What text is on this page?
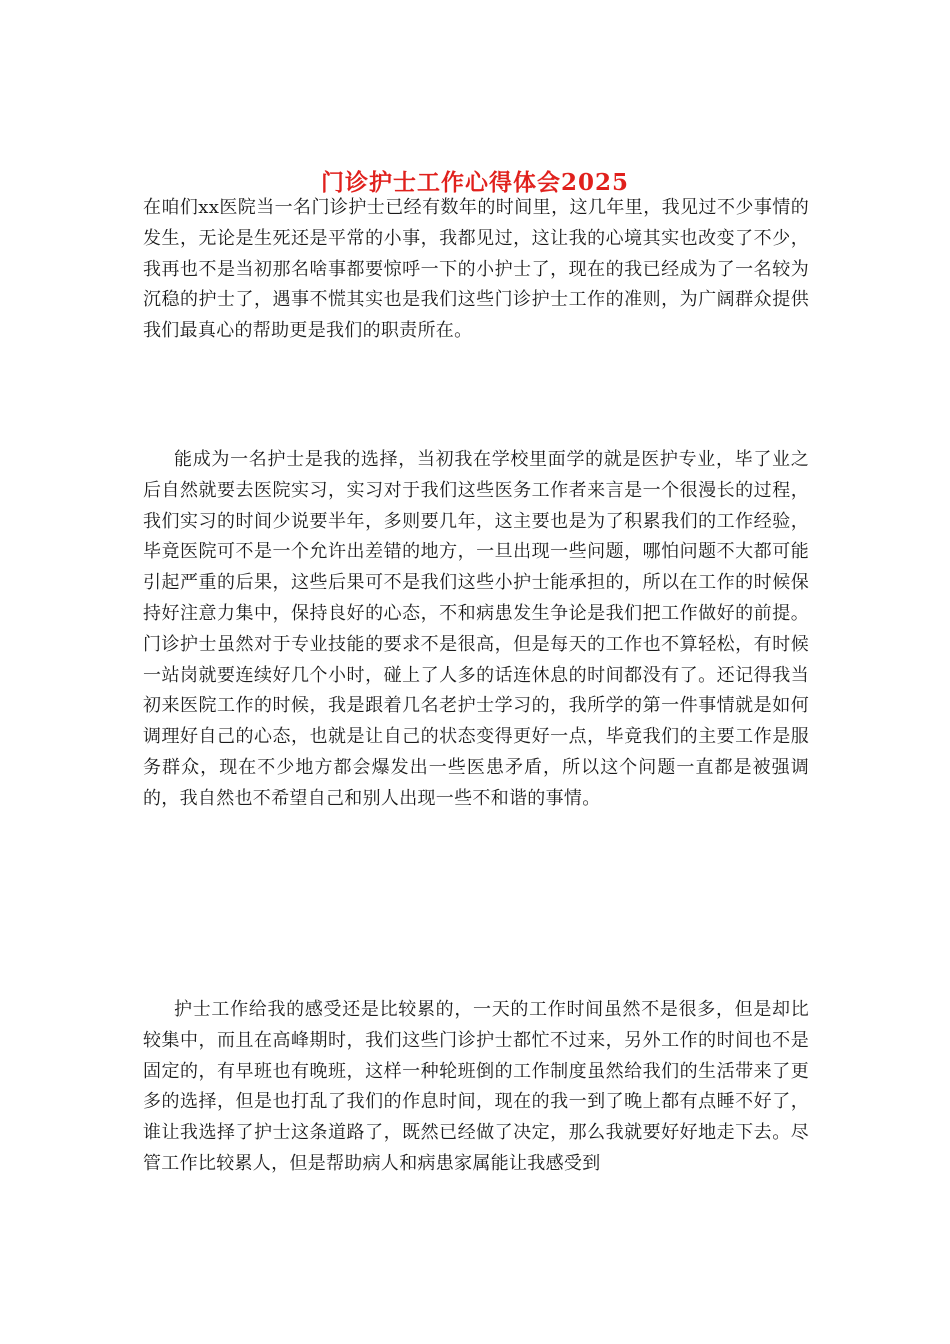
门诊护士工作心得体会2025

在咱们xx医院当一名门诊护士已经有数年的时间里，这几年里，我见过不少事情的发生，无论是生死还是平常的小事，我都见过，这让我的心境其实也改变了不少，我再也不是当初那名啥事都要惊呼一下的小护士了，现在的我已经成为了一名较为沉稳的护士了，遇事不慌其实也是我们这些门诊护士工作的准则，为广阔群众提供我们最真心的帮助更是我们的职责所在。

能成为一名护士是我的选择，当初我在学校里面学的就是医护专业，毕了业之后自然就要去医院实习，实习对于我们这些医务工作者来言是一个很漫长的过程，我们实习的时间少说要半年，多则要几年，这主要也是为了积累我们的工作经验，毕竟医院可不是一个允许出差错的地方，一旦出现一些问题，哪怕问题不大都可能引起严重的后果，这些后果可不是我们这些小护士能承担的，所以在工作的时候保持好注意力集中，保持良好的心态，不和病患发生争论是我们把工作做好的前提。门诊护士虽然对于专业技能的要求不是很高，但是每天的工作也不算轻松，有时候一站岗就要连续好几个小时，碰上了人多的话连休息的时间都没有了。还记得我当初来医院工作的时候，我是跟着几名老护士学习的，我所学的第一件事情就是如何调理好自己的心态，也就是让自己的状态变得更好一点，毕竟我们的主要工作是服务群众，现在不少地方都会爆发出一些医患矛盾，所以这个问题一直都是被强调的，我自然也不希望自己和别人出现一些不和谐的事情。

护士工作给我的感受还是比较累的，一天的工作时间虽然不是很多，但是却比较集中，而且在高峰期时，我们这些门诊护士都忙不过来，另外工作的时间也不是固定的，有早班也有晚班，这样一种轮班倒的工作制度虽然给我们的生活带来了更多的选择，但是也打乱了我们的作息时间，现在的我一到了晚上都有点睡不好了，谁让我选择了护士这条道路了，既然已经做了决定，那么我就要好好地走下去。尽管工作比较累人，但是帮助病人和病患家属能让我感受到
